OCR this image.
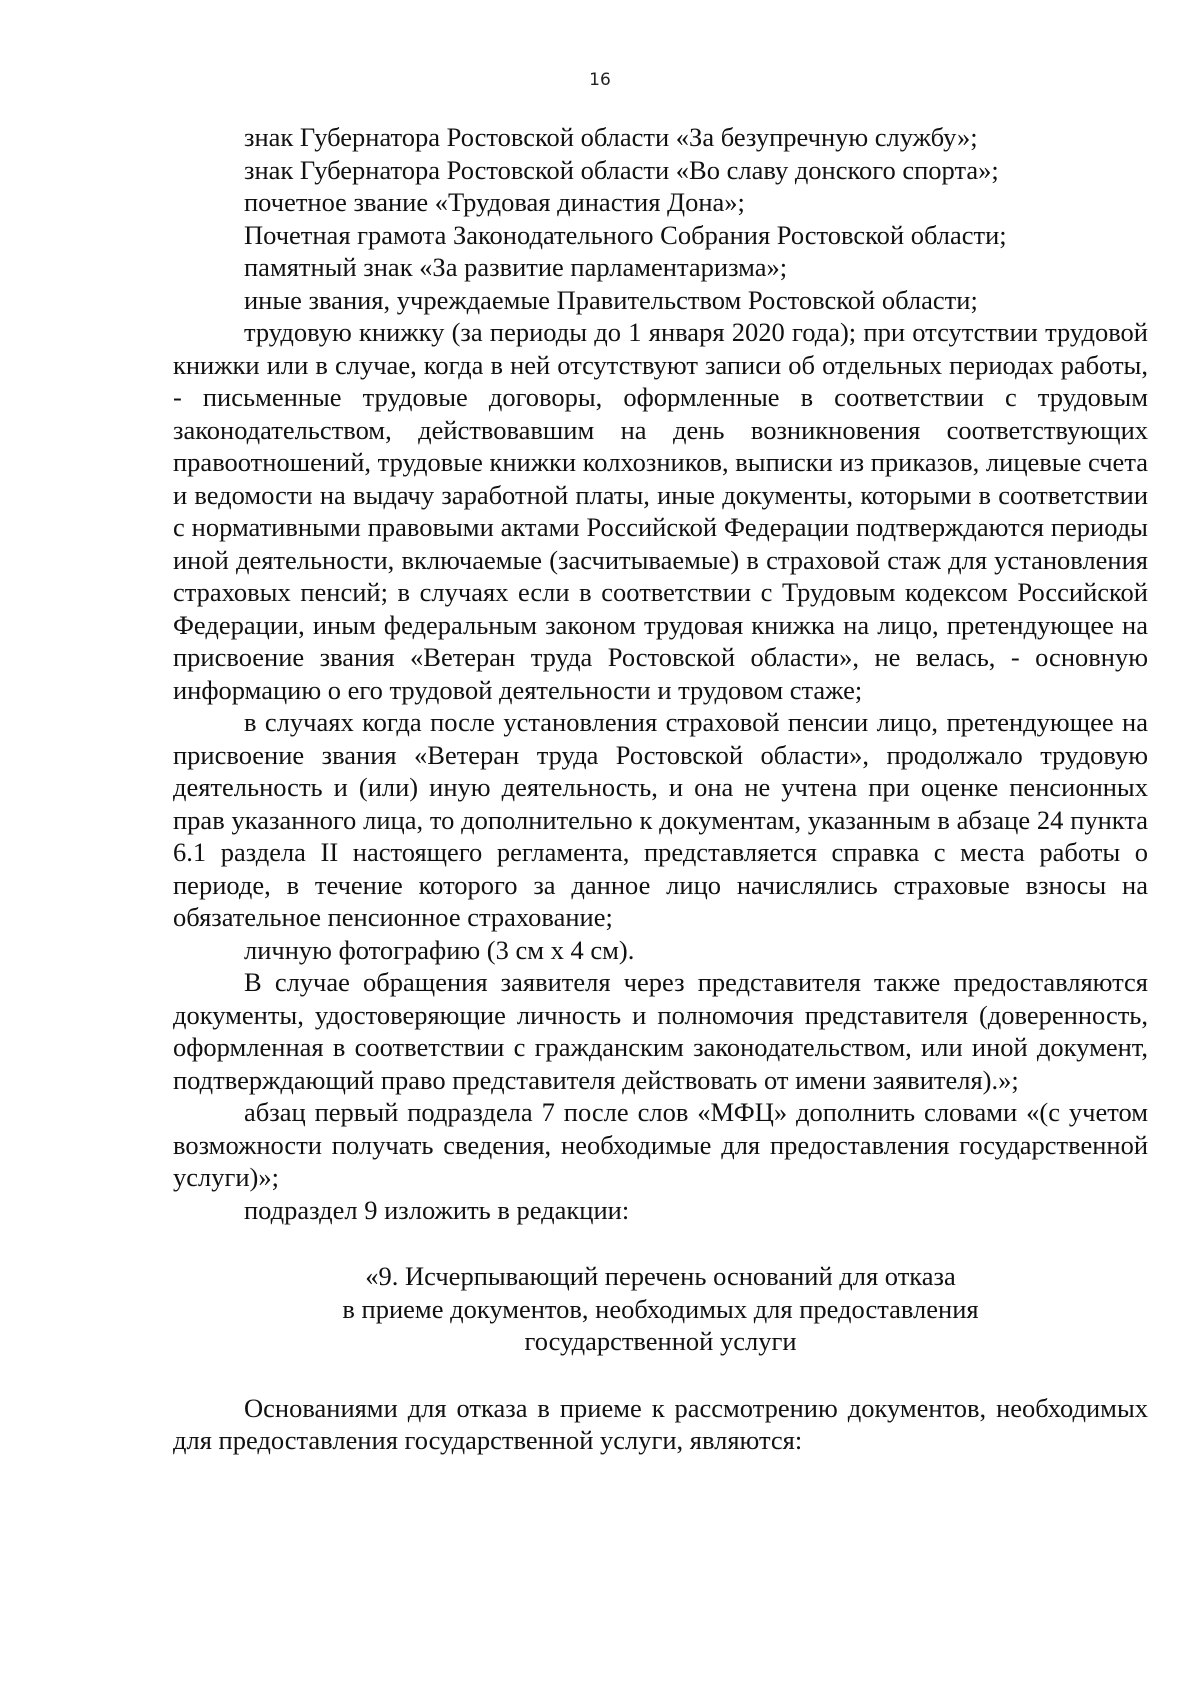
16

знак Губернатора Ростовской области «За безупречную службу»;

знак Губернатора Ростовской области «Во славу донского спорта»;

почетное звание «Трудовая династия Дона»;

Почетная грамота Законодательного Собрания Ростовской области;

памятный знак «За развитие парламентаризма»;

иные звания, учреждаемые Правительством Ростовской области;

трудовую книжку (за периоды до 1 января 2020 года); при отсутствии трудовой книжки или в случае, когда в ней отсутствуют записи об отдельных периодах работы, - письменные трудовые договоры, оформленные в соответствии с трудовым законодательством, действовавшим на день возникновения соответствующих правоотношений, трудовые книжки колхозников, выписки из приказов, лицевые счета и ведомости на выдачу заработной платы, иные документы, которыми в соответствии с нормативными правовыми актами Российской Федерации подтверждаются периоды иной деятельности, включаемые (засчитываемые) в страховой стаж для установления страховых пенсий; в случаях если в соответствии с Трудовым кодексом Российской Федерации, иным федеральным законом трудовая книжка на лицо, претендующее на присвоение звания «Ветеран труда Ростовской области», не велась, - основную информацию о его трудовой деятельности и трудовом стаже;

в случаях когда после установления страховой пенсии лицо, претендующее на присвоение звания «Ветеран труда Ростовской области», продолжало трудовую деятельность и (или) иную деятельность, и она не учтена при оценке пенсионных прав указанного лица, то дополнительно к документам, указанным в абзаце 24 пункта 6.1 раздела II настоящего регламента, представляется справка с места работы о периоде, в течение которого за данное лицо начислялись страховые взносы на обязательное пенсионное страхование;

личную фотографию (3 см х 4 см).

В случае обращения заявителя через представителя также предоставляются документы, удостоверяющие личность и полномочия представителя (доверенность, оформленная в соответствии с гражданским законодательством, или иной документ, подтверждающий право представителя действовать от имени заявителя).»;

абзац первый подраздела 7 после слов «МФЦ» дополнить словами «(с учетом возможности получать сведения, необходимые для предоставления государственной услуги)»;

подраздел 9 изложить в редакции:

«9. Исчерпывающий перечень оснований для отказа
в приеме документов, необходимых для предоставления
государственной услуги

Основаниями для отказа в приеме к рассмотрению документов, необходимых для предоставления государственной услуги, являются:
